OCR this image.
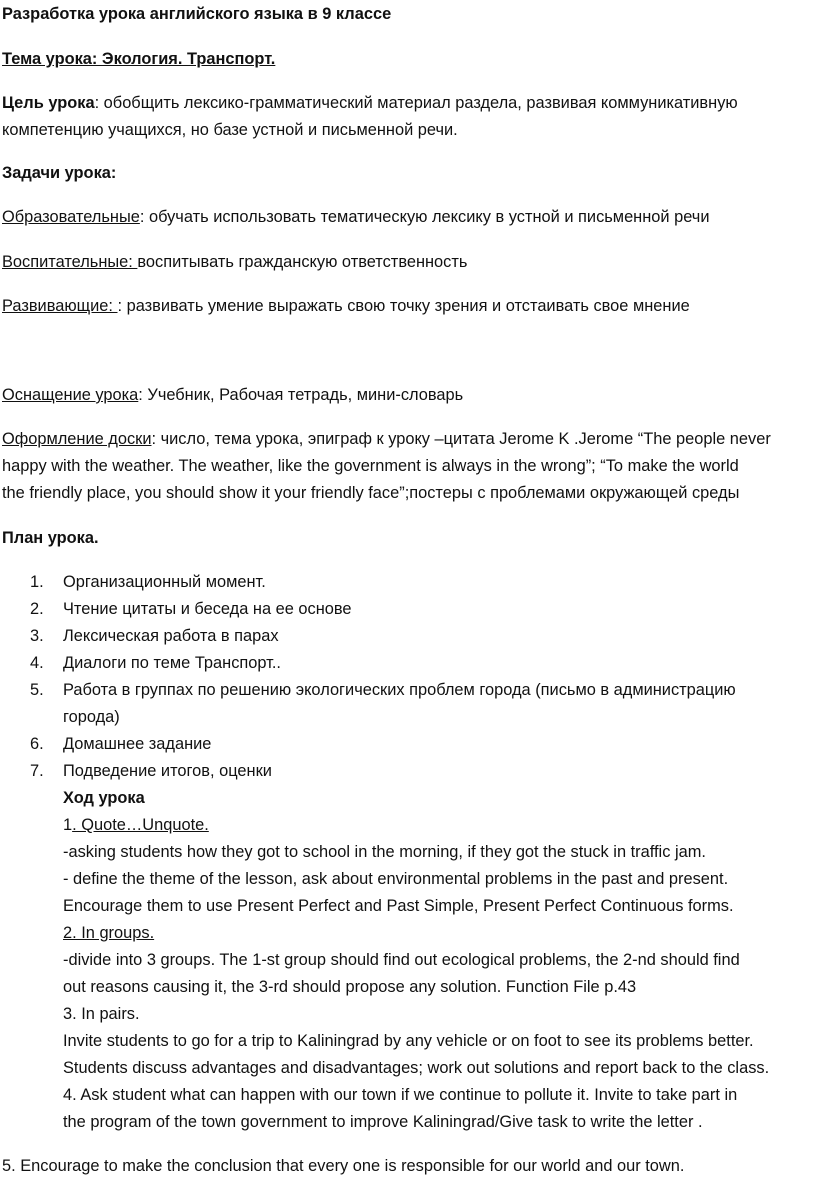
Разработка урока английского языка в 9 классе
Тема урока: Экология. Транспорт.
Цель урока: обобщить лексико-грамматический материал раздела, развивая коммуникативную
компетенцию учащихся, но базе устной и письменной речи.
Задачи урока:
Образовательные: обучать использовать тематическую лексику в устной и письменной речи
Воспитательные: воспитывать гражданскую ответственность
Развивающие: : развивать умение выражать свою точку зрения и отстаивать свое мнение
Оснащение урока: Учебник, Рабочая тетрадь, мини-словарь
Оформление доски: число, тема урока, эпиграф к уроку –цитата Jerome K .Jerome “The people never
happy with the weather. The weather, like the government is always in the wrong”; “To make the world
the friendly place, you should show it your friendly face”;постеры с проблемами окружающей среды
План урока.
1. Организационный момент.
2. Чтение цитаты и беседа на ее основе
3. Лексическая работа в парах
4. Диалоги по теме Транспорт..
5. Работа в группах по решению экологических проблем города (письмо в администрацию
города)
6. Домашнее задание
7. Подведение итогов, оценки
Ход урока
1. Quote…Unquote.
-asking students how they got to school in the morning, if they got the stuck in traffic jam.
- define the theme of the lesson, ask about environmental problems in the past and present.
Encourage them to use Present Perfect and Past Simple, Present Perfect Continuous forms.
2. In groups.
-divide into 3 groups. The 1-st group should find out ecological problems, the 2-nd should find
out reasons causing it, the 3-rd should propose any solution. Function File p.43
3. In pairs.
Invite students to go for a trip to Kaliningrad by any vehicle or on foot to see its problems better.
Students discuss advantages and disadvantages; work out solutions and report back to the class.
4. Ask student what can happen with our town if we continue to pollute it. Invite to take part in
the program of the town government to improve Kaliningrad/Give task to write the letter .
5. Encourage to make the conclusion that every one is responsible for our world and our town.
